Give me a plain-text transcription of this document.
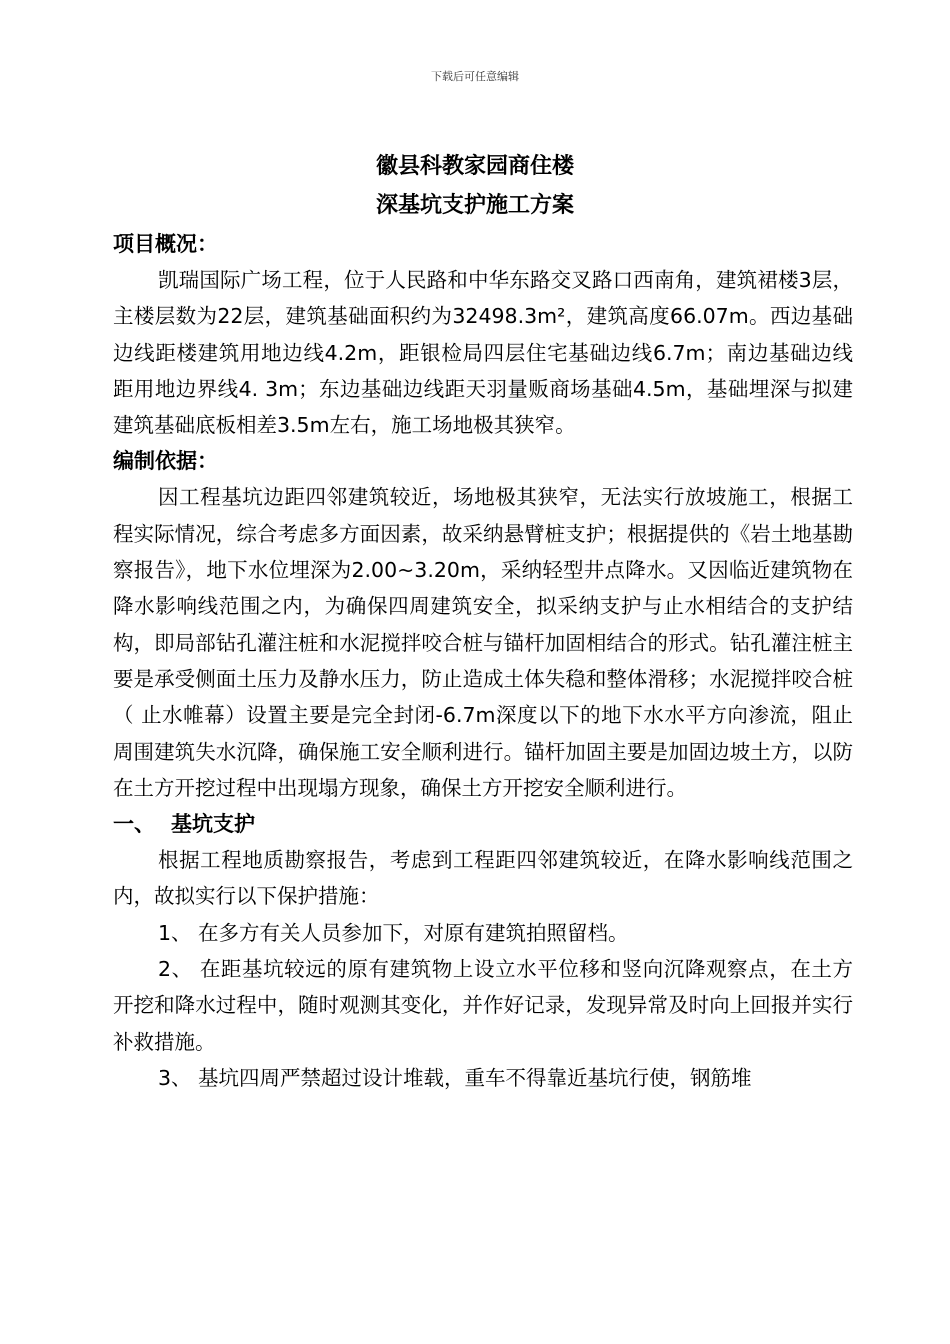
下载后可任意编辑
徽县科教家园商住楼
深基坑支护施工方案
项目概况：

凯瑞国际广场工程，位于人民路和中华东路交叉路口西南角，建筑裙楼3层，主楼层数为22层，建筑基础面积约为32498.3m²，建筑高度66.07m。西边基础边线距楼建筑用地边线4.2m，距银检局四层住宅基础边线6.7m；南边基础边线距用地边界线4. 3m；东边基础边线距天羽量贩商场基础4.5m，基础埋深与拟建建筑基础底板相差3.5m左右，施工场地极其狭窄。

编制依据：

因工程基坑边距四邻建筑较近，场地极其狭窄，无法实行放坡施工，根据工程实际情况，综合考虑多方面因素，故采纳悬臂桩支护；根据提供的《岩土地基勘察报告》，地下水位埋深为2.00~3.20m，采纳轻型井点降水。又因临近建筑物在降水影响线范围之内，为确保四周建筑安全，拟采纳支护与止水相结合的支护结构，即局部钻孔灌注桩和水泥搅拌咬合桩与锚杆加固相结合的形式。钻孔灌注桩主要是承受侧面土压力及静水压力，防止造成土体失稳和整体滑移；水泥搅拌咬合桩（ 止水帷幕）设置主要是完全封闭-6.7m深度以下的地下水水平方向渗流，阻止周围建筑失水沉降，确保施工安全顺利进行。锚杆加固主要是加固边坡土方，以防在土方开挖过程中出现塌方现象，确保土方开挖安全顺利进行。

一、 基坑支护

根据工程地质勘察报告，考虑到工程距四邻建筑较近，在降水影响线范围之内，故拟实行以下保护措施：

1、 在多方有关人员参加下，对原有建筑拍照留档。

2、 在距基坑较远的原有建筑物上设立水平位移和竖向沉降观察点，在土方开挖和降水过程中，随时观测其变化，并作好记录，发现异常及时向上回报并实行补救措施。

3、 基坑四周严禁超过设计堆载，重车不得靠近基坑行使，钢筋堆
